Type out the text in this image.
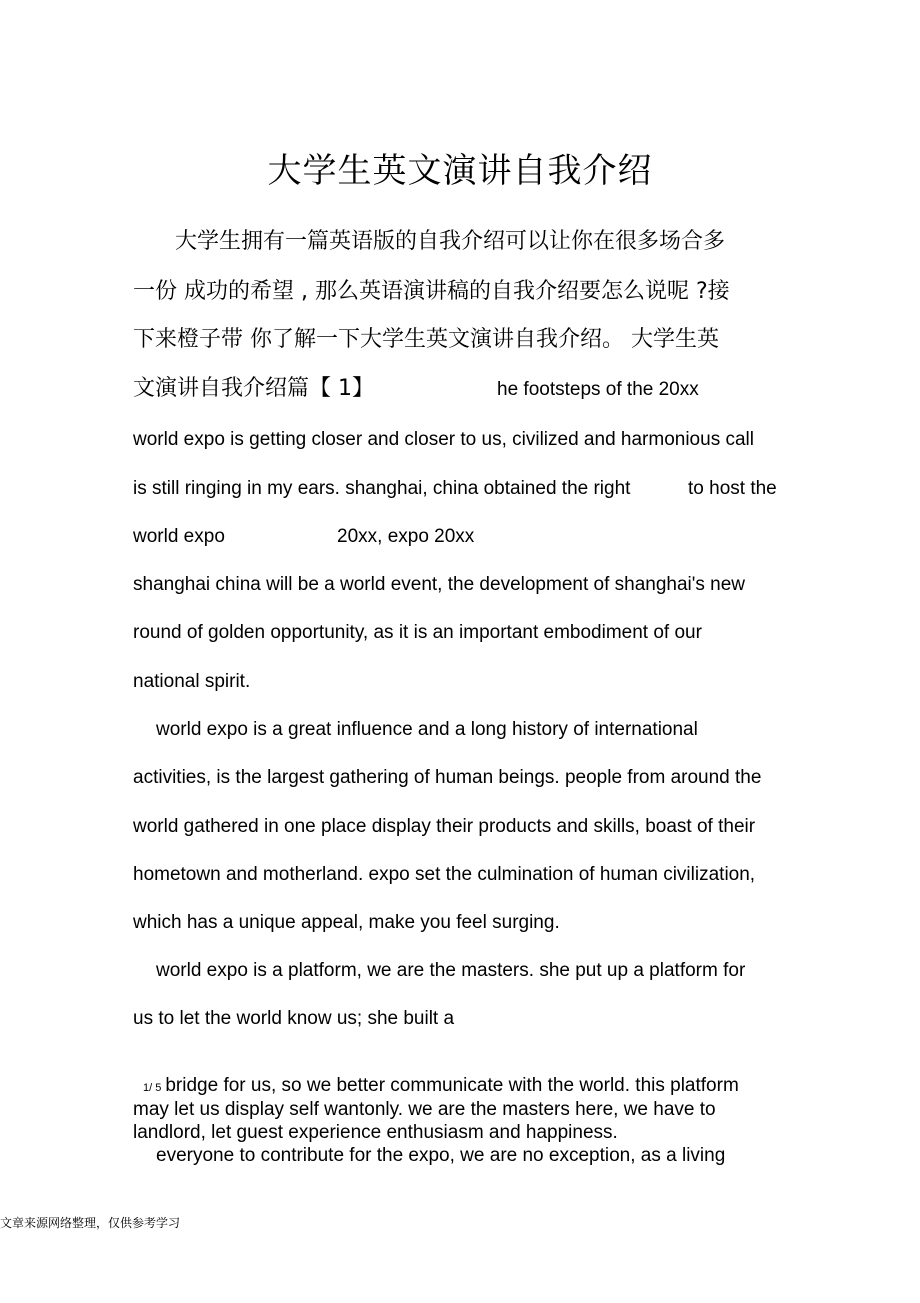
大学生英文演讲自我介绍
大学生拥有一篇英语版的自我介绍可以让你在很多场合多
一份 成功的希望 , 那么英语演讲稿的自我介绍要怎么说呢 ?接
下来橙子带 你了解一下大学生英文演讲自我介绍。 大学生英
文演讲自我介绍篇【 1】	he footsteps of the 20xx
world expo is getting closer and closer to us, civilized and harmonious call
is still ringing in my ears. shanghai, china obtained the right	to host the
world expo	20xx, expo 20xx
shanghai china will be a world event, the development of shanghai's new
round of golden opportunity, as it is an important embodiment of our
national spirit.
world expo is a great influence and a long history of international
activities, is the largest gathering of human beings. people from around the
world gathered in one place display their products and skills, boast of their
hometown and motherland. expo set the culmination of human civilization,
which has a unique appeal, make you feel surging.
world expo is a platform, we are the masters. she put up a platform for
us to let the world know us; she built a
1/ 5 bridge for us, so we better communicate with the world. this platform
may let us display self wantonly. we are the masters here, we have to
landlord, let guest experience enthusiasm and happiness.
everyone to contribute for the expo, we are no exception, as a living
文章来源网络整理，仅供参考学习
